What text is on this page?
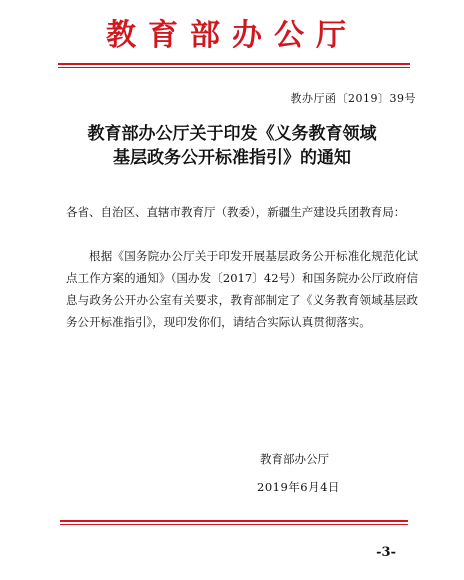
教育部办公厅
教办厅函〔2019〕39号
教育部办公厅关于印发《义务教育领域
基层政务公开标准指引》的通知
各省、自治区、直辖市教育厅（教委），新疆生产建设兵团教育局：
根据《国务院办公厅关于印发开展基层政务公开标准化规范化试点工作方案的通知》（国办发〔2017〕42号）和国务院办公厅政府信息与政务公开办公室有关要求，教育部制定了《义务教育领域基层政务公开标准指引》，现印发你们，请结合实际认真贯彻落实。
教育部办公厅
2019年6月4日
-3-
